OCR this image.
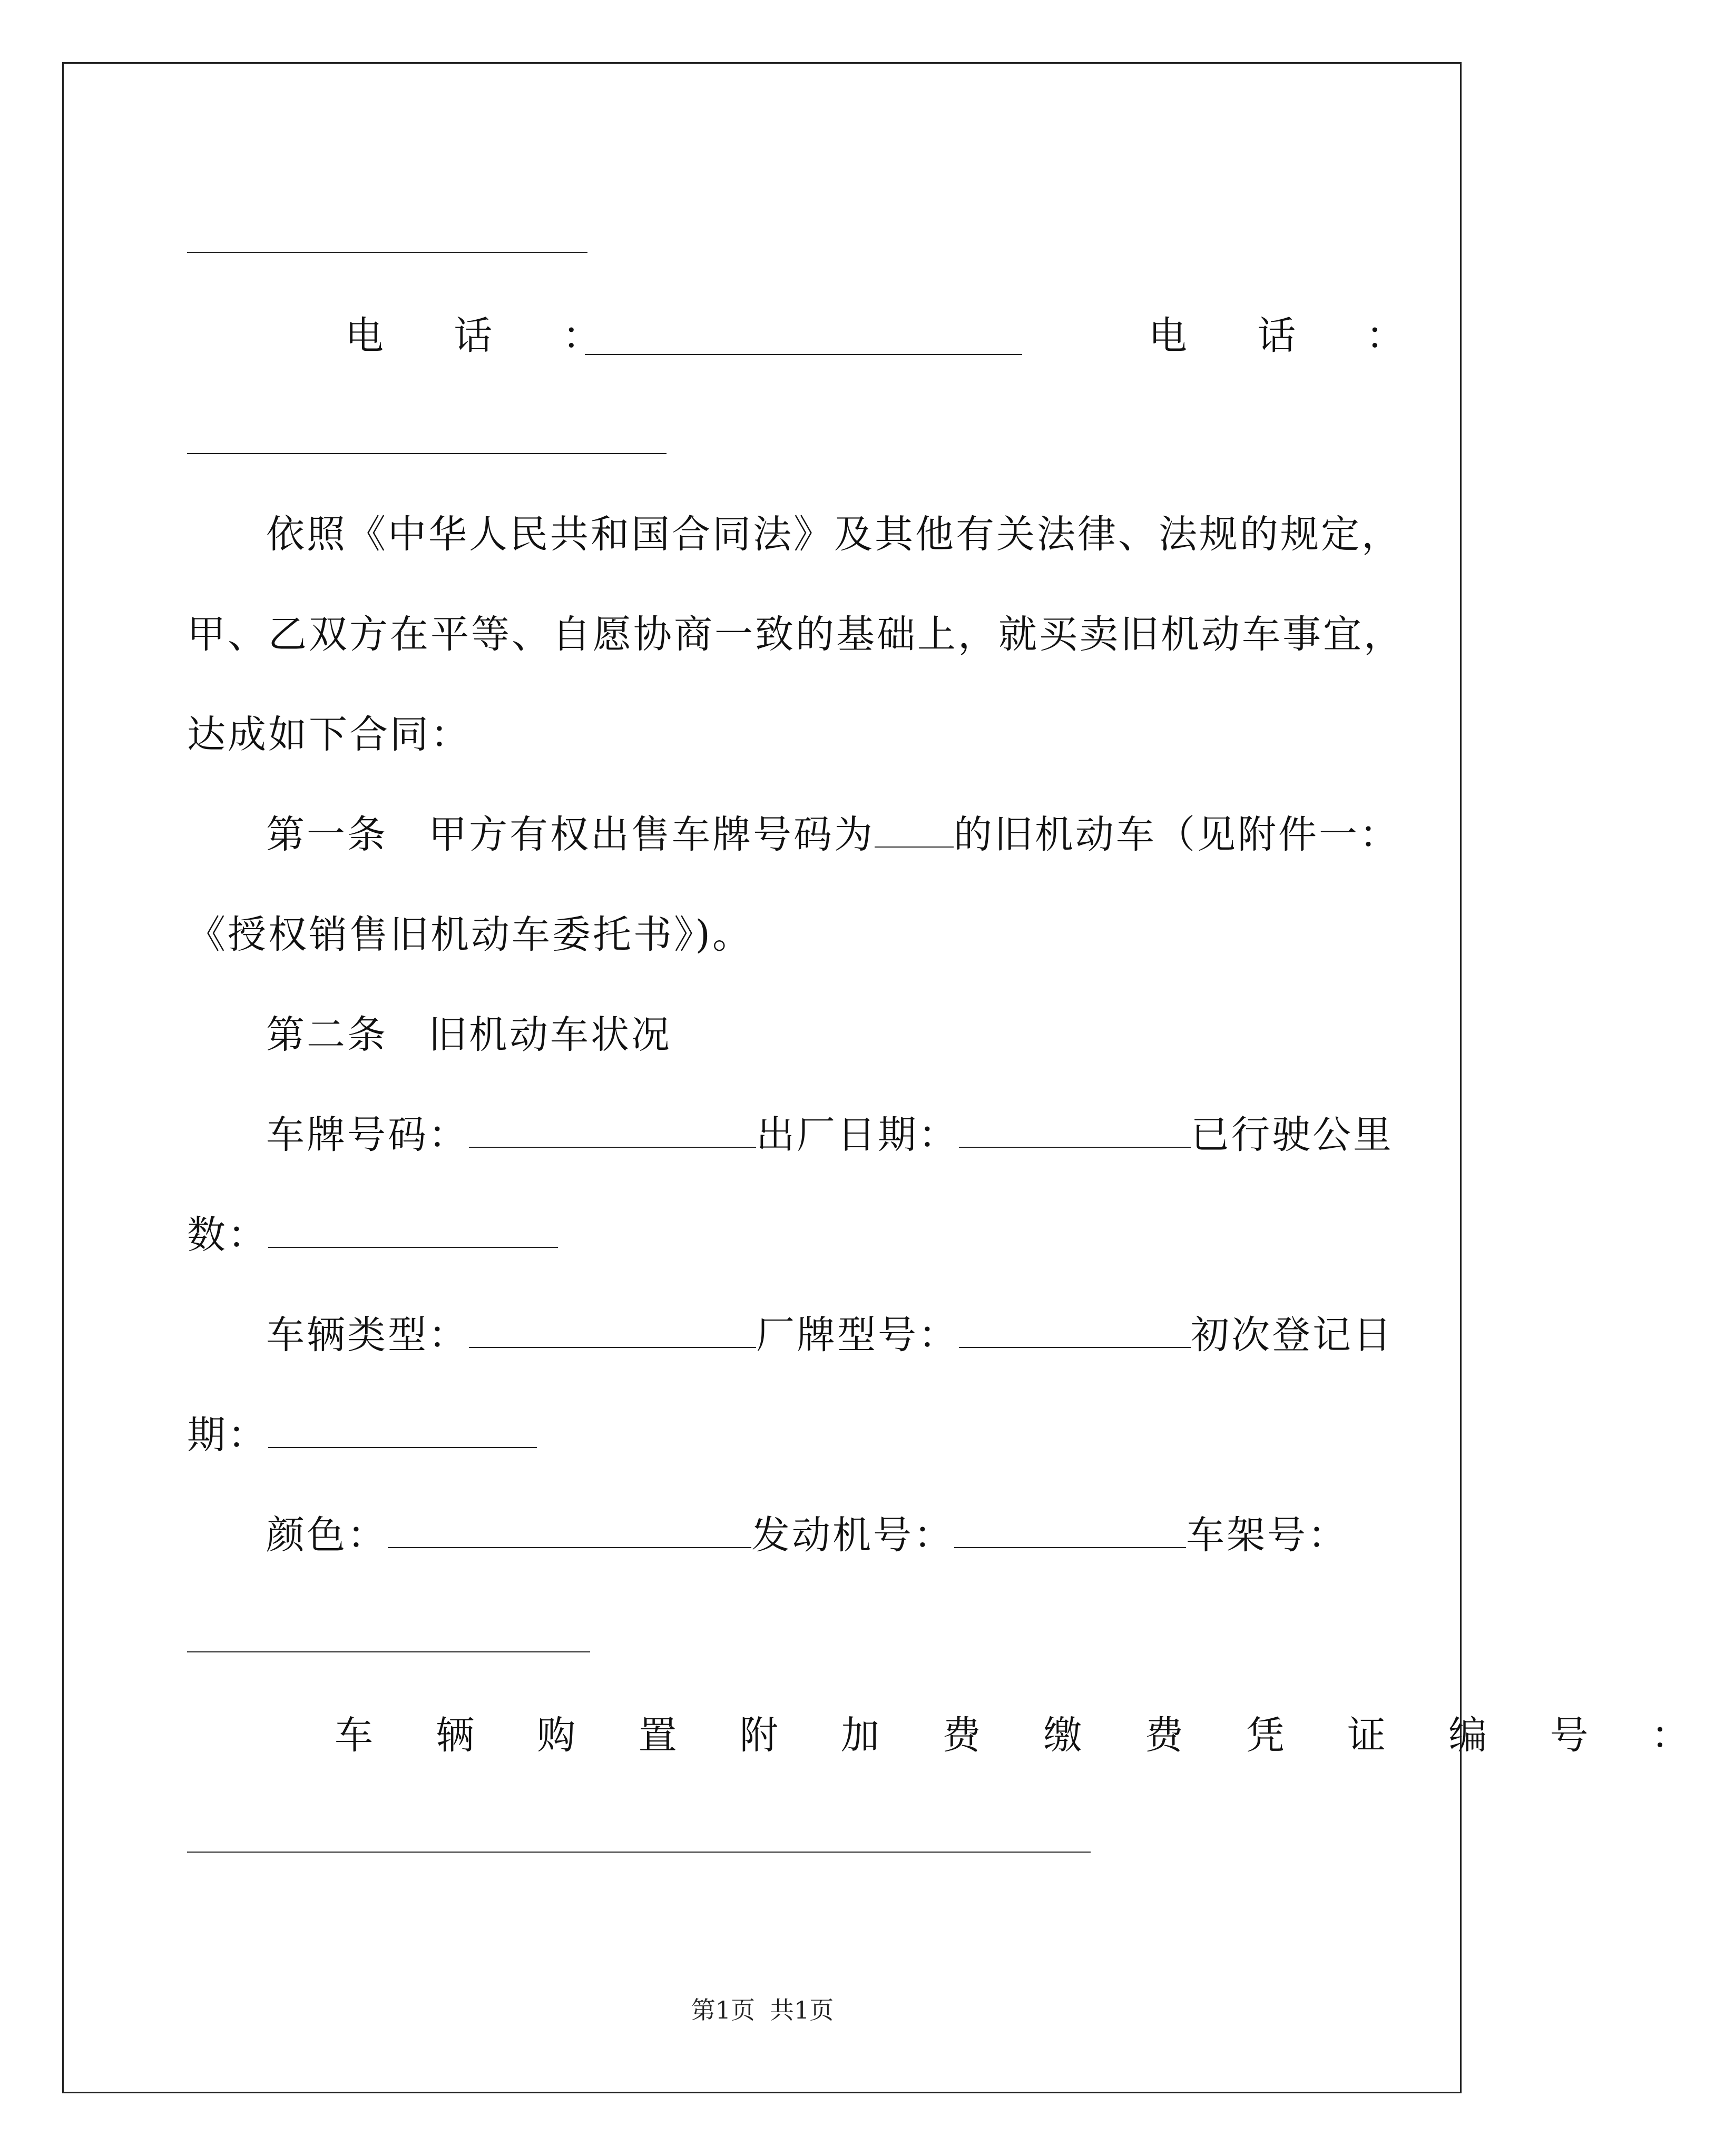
电 话 ：	电 话 ：

依照《中华人民共和国合同法》及其他有关法律、法规的规定，

甲、乙双方在平等、自愿协商一致的基础上，就买卖旧机动车事宜，

达成如下合同：

第一条　甲方有权出售车牌号码为 的旧机动车（见附件一：

《授权销售旧机动车委托书》)。

第二条　旧机动车状况

车牌号码：	出厂日期：	已行驶公里

数：

车辆类型：	厂牌型号：	初次登记日

期：

颜色：	发动机号：	车架号：

车 辆 购 置 附 加 费 缴 费 凭 证 编 号 ：

第1页 共1页
